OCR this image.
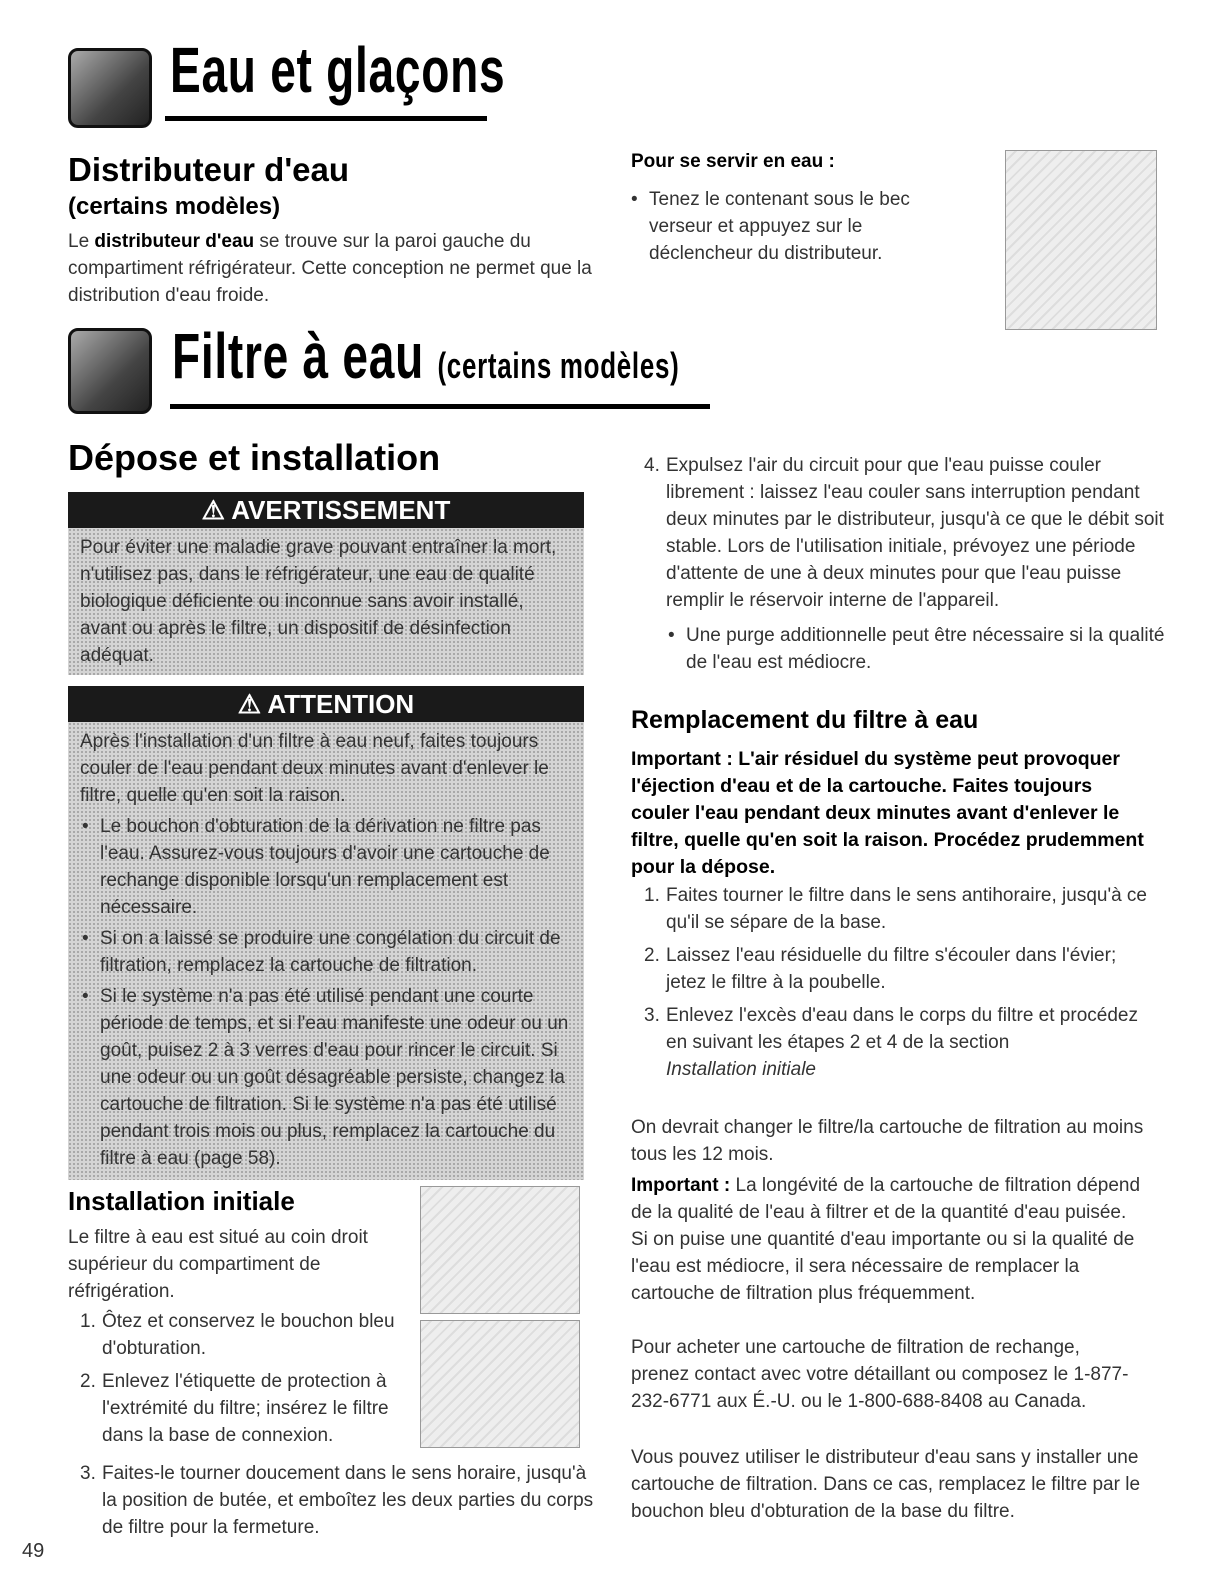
Eau et glaçons
Distributeur d'eau
(certains modèles)
Le distributeur d'eau se trouve sur la paroi gauche du compartiment réfrigérateur. Cette conception ne permet que la distribution d'eau froide.
Pour se servir en eau :
• Tenez le contenant sous le bec verseur et appuyez sur le déclencheur du distributeur.
Filtre à eau (certains modèles)
Dépose et installation
⚠ AVERTISSEMENT
Pour éviter une maladie grave pouvant entraîner la mort, n'utilisez pas, dans le réfrigérateur, une eau de qualité biologique déficiente ou inconnue sans avoir installé, avant ou après le filtre, un dispositif de désinfection adéquat.
⚠ ATTENTION
Après l'installation d'un filtre à eau neuf, faites toujours couler de l'eau pendant deux minutes avant d'enlever le filtre, quelle qu'en soit la raison.
• Le bouchon d'obturation de la dérivation ne filtre pas l'eau. Assurez-vous toujours d'avoir une cartouche de rechange disponible lorsqu'un remplacement est nécessaire.
• Si on a laissé se produire une congélation du circuit de filtration, remplacez la cartouche de filtration.
• Si le système n'a pas été utilisé pendant une courte période de temps, et si l'eau manifeste une odeur ou un goût, puisez 2 à 3 verres d'eau pour rincer le circuit. Si une odeur ou un goût désagréable persiste, changez la cartouche de filtration. Si le système n'a pas été utilisé pendant trois mois ou plus, remplacez la cartouche du filtre à eau (page 58).
Installation initiale
Le filtre à eau est situé au coin droit supérieur du compartiment de réfrigération.
1. Ôtez et conservez le bouchon bleu d'obturation.
2. Enlevez l'étiquette de protection à l'extrémité du filtre; insérez le filtre dans la base de connexion.
3. Faites-le tourner doucement dans le sens horaire, jusqu'à la position de butée, et emboîtez les deux parties du corps de filtre pour la fermeture.
4. Expulsez l'air du circuit pour que l'eau puisse couler librement : laissez l'eau couler sans interruption pendant deux minutes par le distributeur, jusqu'à ce que le débit soit stable. Lors de l'utilisation initiale, prévoyez une période d'attente de une à deux minutes pour que l'eau puisse remplir le réservoir interne de l'appareil.
• Une purge additionnelle peut être nécessaire si la qualité de l'eau est médiocre.
Remplacement du filtre à eau
Important : L'air résiduel du système peut provoquer l'éjection d'eau et de la cartouche. Faites toujours couler l'eau pendant deux minutes avant d'enlever le filtre, quelle qu'en soit la raison. Procédez prudemment pour la dépose.
1. Faites tourner le filtre dans le sens antihoraire, jusqu'à ce qu'il se sépare de la base.
2. Laissez l'eau résiduelle du filtre s'écouler dans l'évier; jetez le filtre à la poubelle.
3. Enlevez l'excès d'eau dans le corps du filtre et procédez en suivant les étapes 2 et 4 de la section
Installation initiale
On devrait changer le filtre/la cartouche de filtration au moins tous les 12 mois.
Important : La longévité de la cartouche de filtration dépend de la qualité de l'eau à filtrer et de la quantité d'eau puisée. Si on puise une quantité d'eau importante ou si la qualité de l'eau est médiocre, il sera nécessaire de remplacer la cartouche de filtration plus fréquemment.
Pour acheter une cartouche de filtration de rechange, prenez contact avec votre détaillant ou composez le 1-877-232-6771 aux É.-U. ou le 1-800-688-8408 au Canada.
Vous pouvez utiliser le distributeur d'eau sans y installer une cartouche de filtration. Dans ce cas, remplacez le filtre par le bouchon bleu d'obturation de la base du filtre.
49
